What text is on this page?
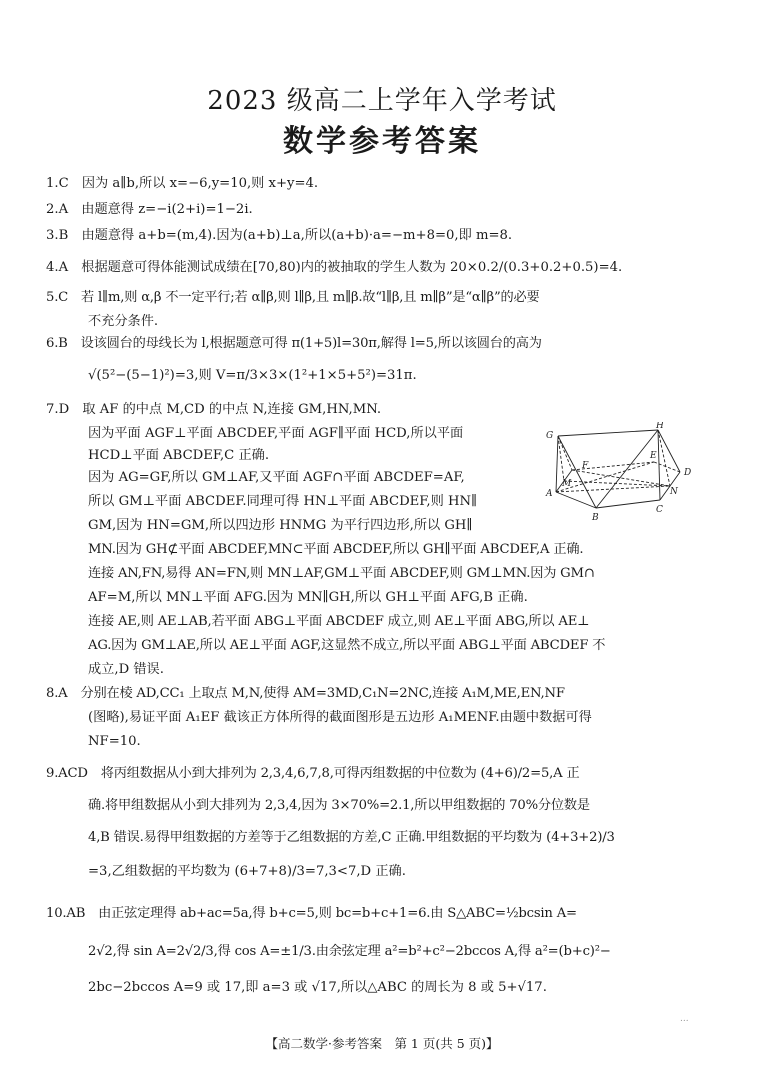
2023 级高二上学年入学考试
数学参考答案
1.C　因为 a∥b,所以 x=−6,y=10,则 x+y=4.
2.A　由题意得 z=−i(2+i)=1−2i.
3.B　由题意得 a+b=(m,4).因为(a+b)⊥a,所以(a+b)·a=−m+8=0,即 m=8.
4.A　根据题意可得体能测试成绩在[70,80)内的被抽取的学生人数为 20×0.2/(0.3+0.2+0.5)=4.
5.C　若 l∥m,则 α,β 不一定平行;若 α∥β,则 l∥β,且 m∥β.故“l∥β,且 m∥β”是“α∥β”的必要
不充分条件.
6.B　设该圆台的母线长为 l,根据题意可得 π(1+5)l=30π,解得 l=5,所以该圆台的高为
√(5²−(5−1)²)=3,则 V=π/3×3×(1²+1×5+5²)=31π.
7.D　取 AF 的中点 M,CD 的中点 N,连接 GM,HN,MN.
因为平面 AGF⊥平面 ABCDEF,平面 AGF∥平面 HCD,所以平面
HCD⊥平面 ABCDEF,C 正确.
因为 AG=GF,所以 GM⊥AF,又平面 AGF∩平面 ABCDEF=AF,
所以 GM⊥平面 ABCDEF.同理可得 HN⊥平面 ABCDEF,则 HN∥
GM,因为 HN=GM,所以四边形 HNMG 为平行四边形,所以 GH∥
MN.因为 GH⊄平面 ABCDEF,MN⊂平面 ABCDEF,所以 GH∥平面 ABCDEF,A 正确.
连接 AN,FN,易得 AN=FN,则 MN⊥AF,GM⊥平面 ABCDEF,则 GM⊥MN.因为 GM∩
AF=M,所以 MN⊥平面 AFG.因为 MN∥GH,所以 GH⊥平面 AFG,B 正确.
连接 AE,则 AE⊥AB,若平面 ABG⊥平面 ABCDEF 成立,则 AE⊥平面 ABG,所以 AE⊥
AG.因为 GM⊥AE,所以 AE⊥平面 AGF,这显然不成立,所以平面 ABG⊥平面 ABCDEF 不
成立,D 错误.
8.A　分别在棱 AD,CC₁ 上取点 M,N,使得 AM=3MD,C₁N=2NC,连接 A₁M,ME,EN,NF
(图略),易证平面 A₁EF 截该正方体所得的截面图形是五边形 A₁MENF.由题中数据可得
NF=10.
9.ACD　将丙组数据从小到大排列为 2,3,4,6,7,8,可得丙组数据的中位数为 (4+6)/2=5,A 正
确.将甲组数据从小到大排列为 2,3,4,因为 3×70%=2.1,所以甲组数据的 70%分位数是
4,B 错误.易得甲组数据的方差等于乙组数据的方差,C 正确.甲组数据的平均数为 (4+3+2)/3
=3,乙组数据的平均数为 (6+7+8)/3=7,3<7,D 正确.
10.AB　由正弦定理得 ab+ac=5a,得 b+c=5,则 bc=b+c+1=6.由 S△ABC=½bcsin A=
2√2,得 sin A=2√2/3,得 cos A=±1/3.由余弦定理 a²=b²+c²−2bccos A,得 a²=(b+c)²−
2bc−2bccos A=9 或 17,即 a=3 或 √17,所以△ABC 的周长为 8 或 5+√17.
G
H
E
F
D
M
N
A
B
C
...
【高二数学·参考答案　第 1 页(共 5 页)】
